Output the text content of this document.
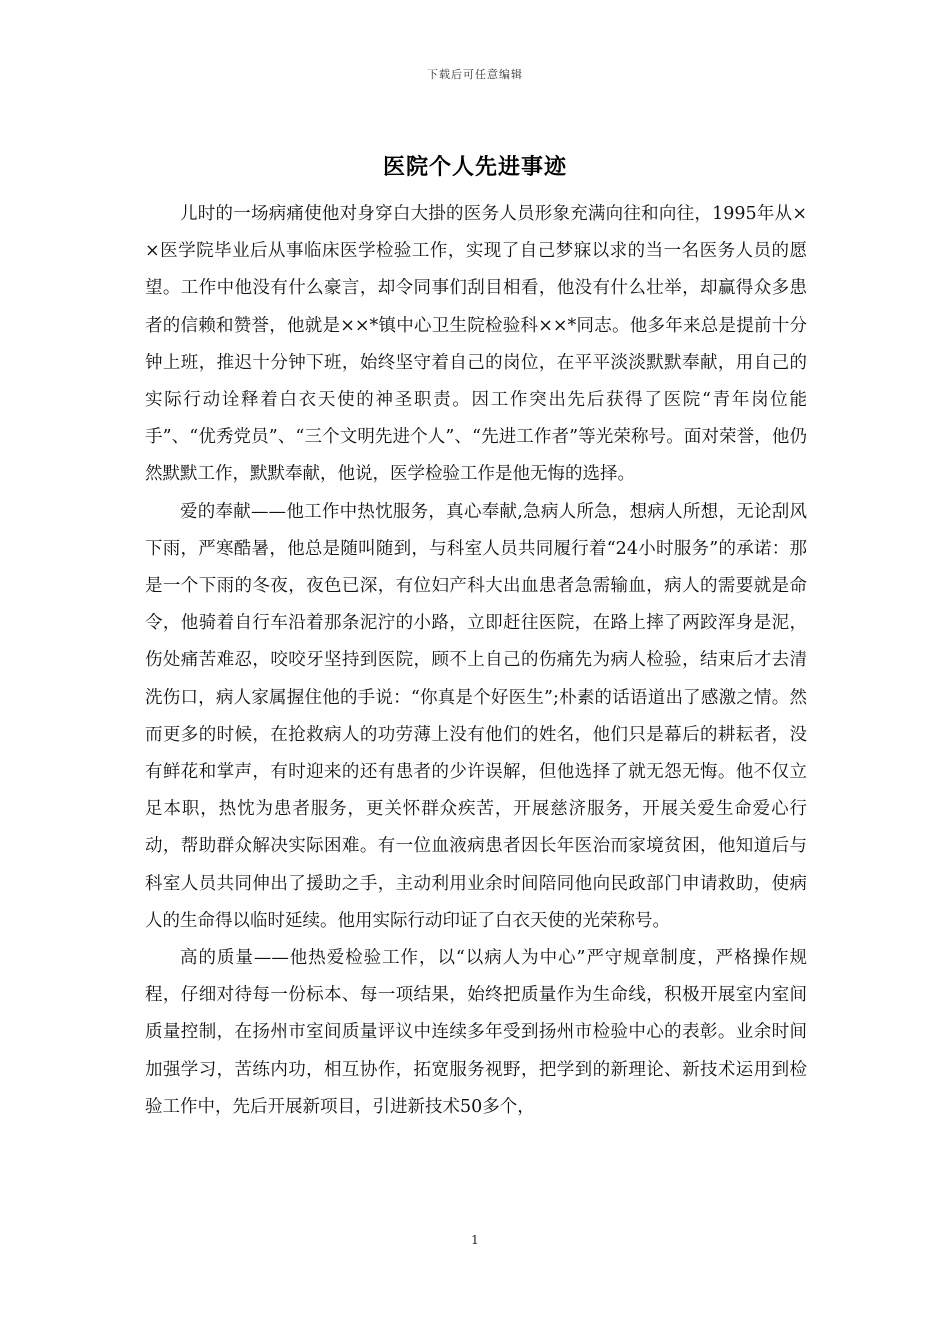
下载后可任意编辑
医院个人先进事迹

儿时的一场病痛使他对身穿白大掛的医务人员形象充满向往和向往，1995年从××医学院毕业后从事临床医学检验工作，实现了自己梦寐以求的当一名医务人员的愿望。工作中他没有什么豪言，却令同事们刮目相看，他没有什么壮举，却赢得众多患者的信赖和赞誉，他就是××*镇中心卫生院检验科××*同志。他多年来总是提前十分钟上班，推迟十分钟下班，始终坚守着自己的岗位，在平平淡淡默默奉献，用自己的实际行动诠释着白衣天使的神圣职责。因工作突出先后获得了医院“青年岗位能手”、“优秀党员”、“三个文明先进个人”、“先进工作者”等光荣称号。面对荣誉，他仍然默默工作，默默奉献，他说，医学检验工作是他无悔的选择。

爱的奉献——他工作中热忱服务，真心奉献,急病人所急，想病人所想，无论刮风下雨，严寒酷暑，他总是随叫随到，与科室人员共同履行着“24小时服务”的承诺：那是一个下雨的冬夜，夜色已深，有位妇产科大出血患者急需输血，病人的需要就是命令，他骑着自行车沿着那条泥泞的小路，立即赶往医院，在路上摔了两跤浑身是泥，伤处痛苦难忍，咬咬牙坚持到医院，顾不上自己的伤痛先为病人检验，结束后才去清洗伤口，病人家属握住他的手说：“你真是个好医生”;朴素的话语道出了感激之情。然而更多的时候，在抢救病人的功劳薄上没有他们的姓名，他们只是幕后的耕耘者，没有鲜花和掌声，有时迎来的还有患者的少许误解，但他选择了就无怨无悔。他不仅立足本职，热忱为患者服务，更关怀群众疾苦，开展慈济服务，开展关爱生命爱心行动，帮助群众解决实际困难。有一位血液病患者因长年医治而家境贫困，他知道后与科室人员共同伸出了援助之手，主动利用业余时间陪同他向民政部门申请救助，使病人的生命得以临时延续。他用实际行动印证了白衣天使的光荣称号。

高的质量——他热爱检验工作，以“以病人为中心”严守规章制度，严格操作规程，仔细对待每一份标本、每一项结果，始终把质量作为生命线，积极开展室内室间质量控制，在扬州市室间质量评议中连续多年受到扬州市检验中心的表彰。业余时间加强学习，苦练内功，相互协作，拓宽服务视野，把学到的新理论、新技术运用到检验工作中，先后开展新项目，引进新技术50多个，

1
